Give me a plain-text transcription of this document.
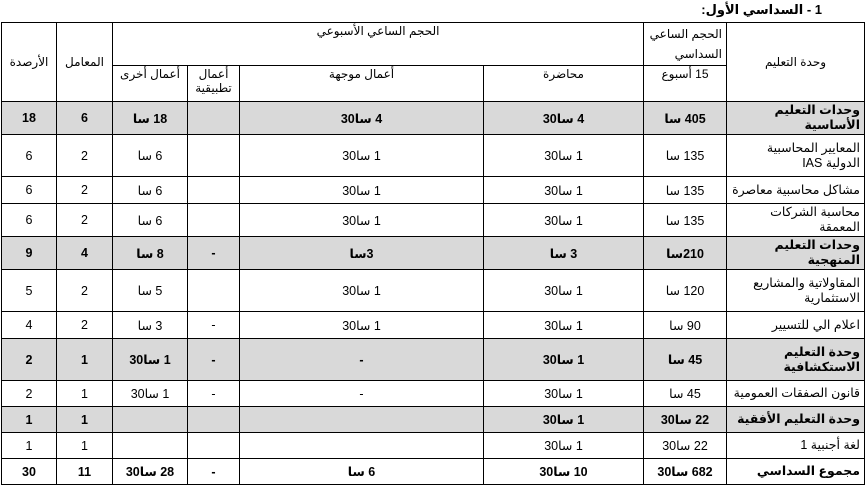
1 - السداسي الأول:
وحدة التعليم	الحجم الساعي السداسي	الحجم الساعي الأسبوعي				المعامل	الأرصدة
	15 أسبوع	محاضرة	أعمال موجهة	أعمال تطبيقية	أعمال أخرى		
وحدات التعليم الأساسية	405 سا	4 سا30	4 سا30		18 سا	6	18
المعايير المحاسبية الدولية IAS	135 سا	1 سا30	1 سا30		6 سا	2	6
مشاكل محاسبية معاصرة	135 سا	1 سا30	1 سا30		6 سا	2	6
محاسبة الشركات المعمقة	135 سا	1 سا30	1 سا30		6 سا	2	6
وحدات التعليم المنهجية	210سا	3 سا	3سا	-	8 سا	4	9
المقاولاتية والمشاريع الاستثمارية	120 سا	1 سا30	1 سا30		5 سا	2	5
اعلام الي للتسيير	90 سا	1 سا30	1 سا30	-	3 سا	2	4
وحدة التعليم الاستكشافية	45 سا	1 سا30	-	-	1 سا30	1	2
قانون الصفقات العمومية	45 سا	1 سا30	-	-	1 سا30	1	2
وحدة التعليم الأفقية	22 سا30	1 سا30				1	1
لغة أجنبية 1	22 سا30	1 سا30				1	1
مجموع السداسي	682 سا30	10 سا30	6 سا	-	28 سا30	11	30
